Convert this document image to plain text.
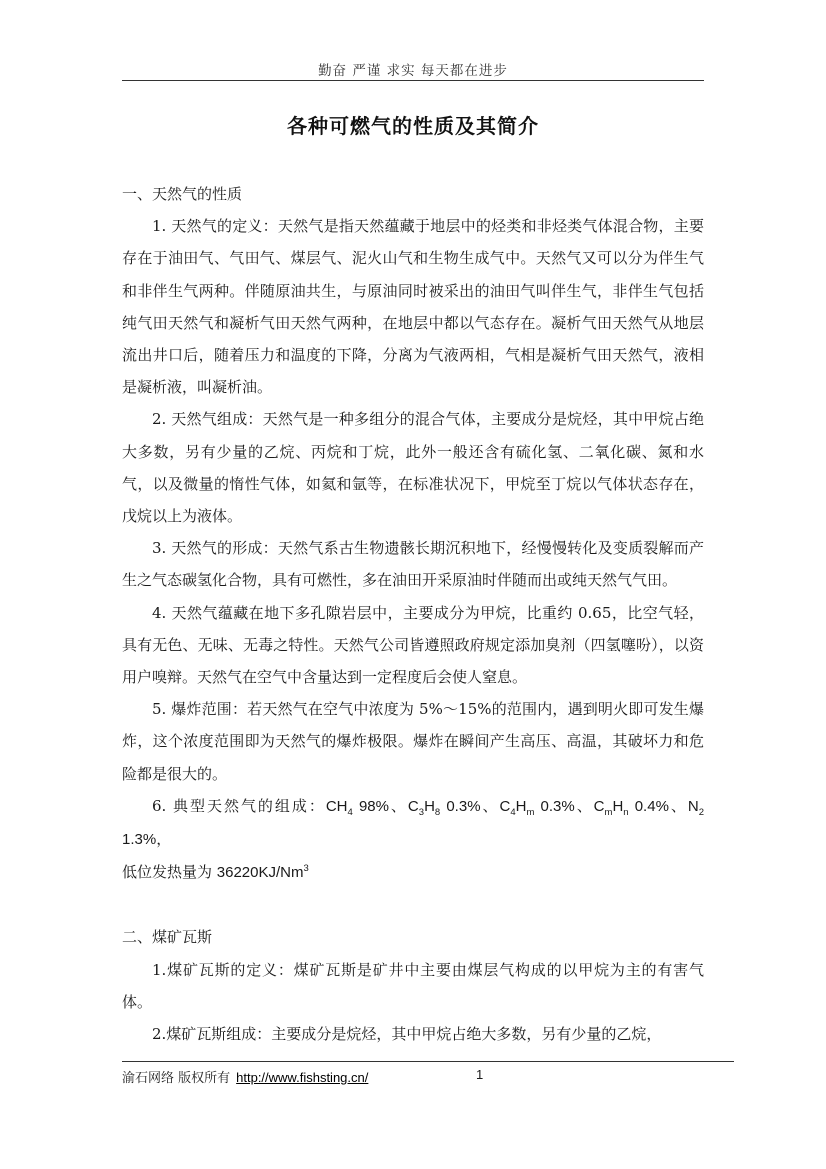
勤奋 严谨 求实 每天都在进步
各种可燃气的性质及其简介

一、天然气的性质

1. 天然气的定义：天然气是指天然蕴藏于地层中的烃类和非烃类气体混合物，主要存在于油田气、气田气、煤层气、泥火山气和生物生成气中。天然气又可以分为伴生气和非伴生气两种。伴随原油共生，与原油同时被采出的油田气叫伴生气，非伴生气包括纯气田天然气和凝析气田天然气两种，在地层中都以气态存在。凝析气田天然气从地层流出井口后，随着压力和温度的下降，分离为气液两相，气相是凝析气田天然气，液相是凝析液，叫凝析油。

2. 天然气组成：天然气是一种多组分的混合气体，主要成分是烷烃，其中甲烷占绝大多数，另有少量的乙烷、丙烷和丁烷，此外一般还含有硫化氢、二氧化碳、氮和水气，以及微量的惰性气体，如氦和氩等，在标准状况下，甲烷至丁烷以气体状态存在，戊烷以上为液体。

3. 天然气的形成：天然气系古生物遗骸长期沉积地下，经慢慢转化及变质裂解而产生之气态碳氢化合物，具有可燃性，多在油田开采原油时伴随而出或纯天然气气田。

4. 天然气蕴藏在地下多孔隙岩层中，主要成分为甲烷，比重约 0.65，比空气轻，具有无色、无味、无毒之特性。天然气公司皆遵照政府规定添加臭剂（四氢噻吩），以资用户嗅辩。天然气在空气中含量达到一定程度后会使人窒息。

5. 爆炸范围：若天然气在空气中浓度为 5%～15%的范围内，遇到明火即可发生爆炸，这个浓度范围即为天然气的爆炸极限。爆炸在瞬间产生高压、高温，其破坏力和危险都是很大的。

6. 典型天然气的组成：$CH_4$ 98%、$C_3H_8$ 0.3%、$C_4H_m$ 0.3%、$C_mH_n$ 0.4%、$N_2$ 1.3%，

低位发热量为 36220KJ/Nm$^3$

二、煤矿瓦斯

1.煤矿瓦斯的定义：煤矿瓦斯是矿井中主要由煤层气构成的以甲烷为主的有害气体。

2.煤矿瓦斯组成：主要成分是烷烃，其中甲烷占绝大多数，另有少量的乙烷，

渝石网络 版权所有 http://www.fishsting.cn/	1
